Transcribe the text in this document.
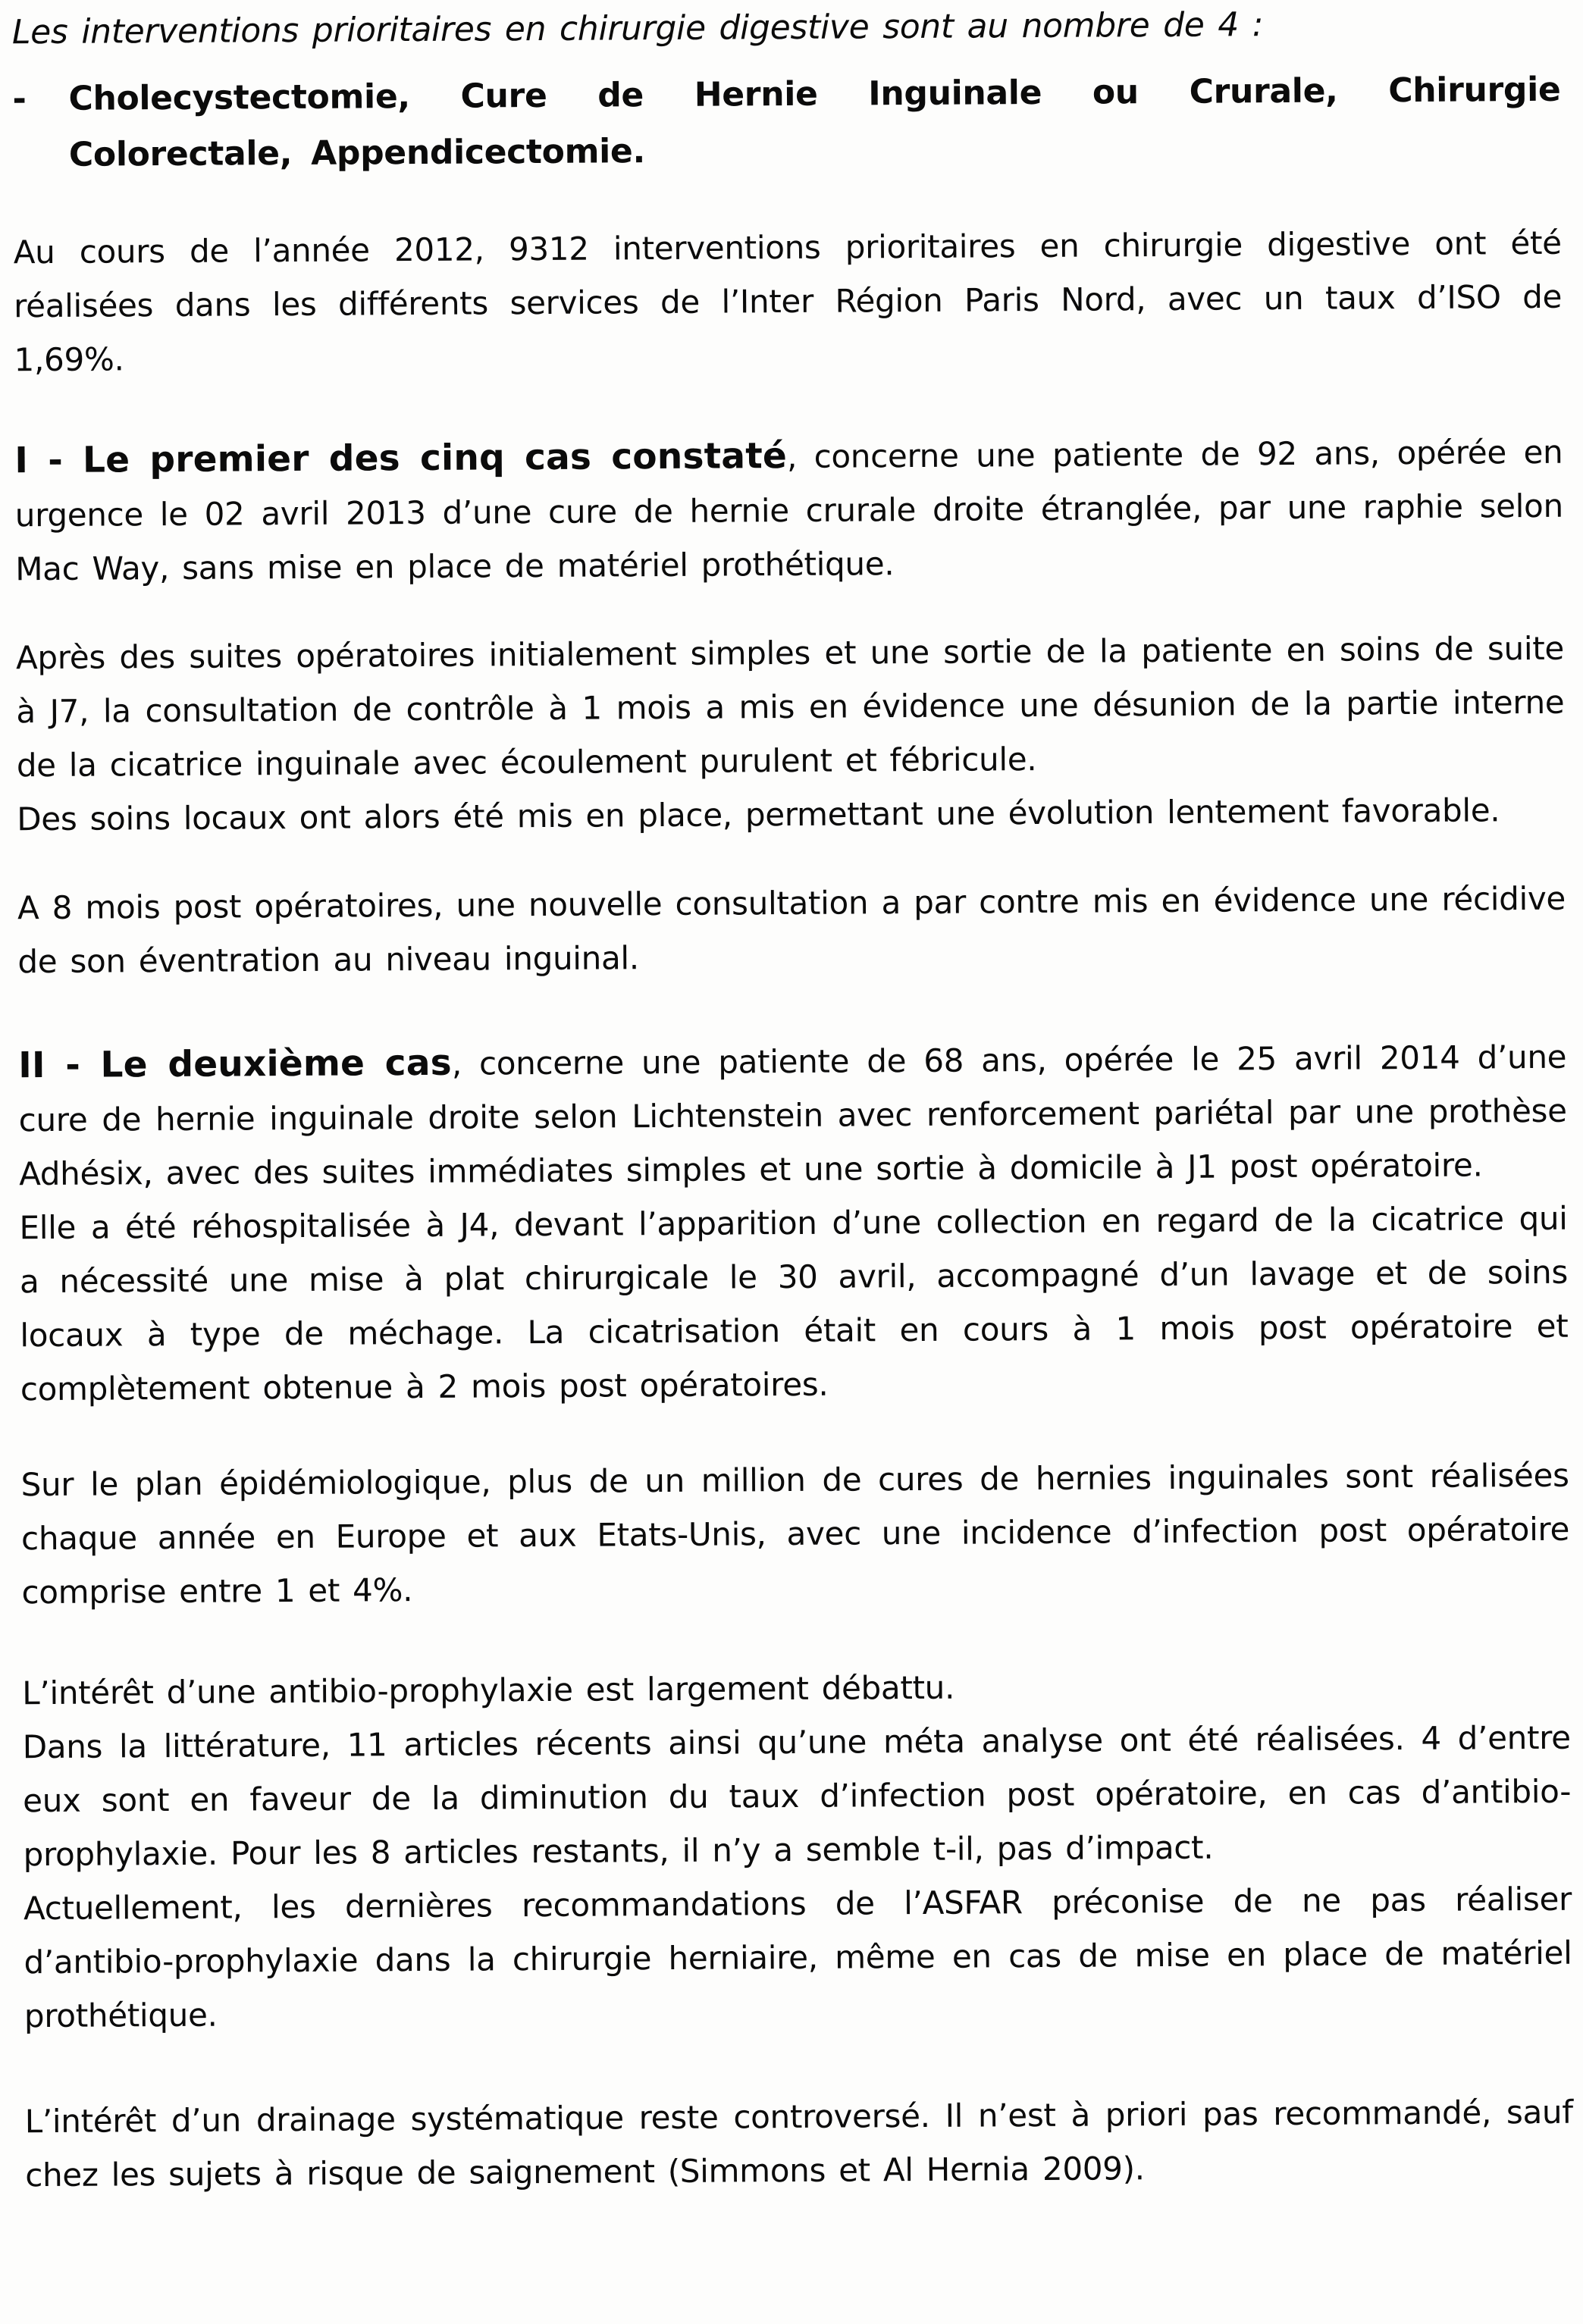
Les interventions prioritaires en chirurgie digestive sont au nombre de 4 :

-	Cholecystectomie, Cure de Hernie Inguinale ou Crurale, Chirurgie Colorectale, Appendicectomie.

Au cours de l’année 2012, 9312 interventions prioritaires en chirurgie digestive ont été réalisées dans les différents services de l’Inter Région Paris Nord, avec un taux d’ISO de 1,69%.

I - Le premier des cinq cas constaté, concerne une patiente de 92 ans, opérée en urgence le 02 avril 2013 d’une cure de hernie crurale droite étranglée, par une raphie selon Mac Way, sans mise en place de matériel prothétique.

Après des suites opératoires initialement simples et une sortie de la patiente en soins de suite à J7, la consultation de contrôle à 1 mois a mis en évidence une désunion de la partie interne de la cicatrice inguinale avec écoulement purulent et fébricule.

Des soins locaux ont alors été mis en place, permettant une évolution lentement favorable.

A 8 mois post opératoires, une nouvelle consultation a par contre mis en évidence une récidive de son éventration au niveau inguinal.

II - Le deuxième cas, concerne une patiente de 68 ans, opérée le 25 avril 2014 d’une cure de hernie inguinale droite selon Lichtenstein avec renforcement pariétal par une prothèse Adhésix, avec des suites immédiates simples et une sortie à domicile à J1 post opératoire.

Elle a été réhospitalisée à J4, devant l’apparition d’une collection en regard de la cicatrice qui a nécessité une mise à plat chirurgicale le 30 avril, accompagné d’un lavage et de soins locaux à type de méchage. La cicatrisation était en cours à 1 mois post opératoire et complètement obtenue à 2 mois post opératoires.

Sur le plan épidémiologique, plus de un million de cures de hernies inguinales sont réalisées chaque année en Europe et aux Etats-Unis, avec une incidence d’infection post opératoire comprise entre 1 et 4%.

L’intérêt d’une antibio-prophylaxie est largement débattu.

Dans la littérature, 11 articles récents ainsi qu’une méta analyse ont été réalisées. 4 d’entre eux sont en faveur de la diminution du taux d’infection post opératoire, en cas d’antibio-prophylaxie. Pour les 8 articles restants, il n’y a semble t-il, pas d’impact.

Actuellement, les dernières recommandations de l’ASFAR préconise de ne pas réaliser d’antibio-prophylaxie dans la chirurgie herniaire, même en cas de mise en place de matériel prothétique.

L’intérêt d’un drainage systématique reste controversé. Il n’est à priori pas recommandé, sauf chez les sujets à risque de saignement (Simmons et Al Hernia 2009).
